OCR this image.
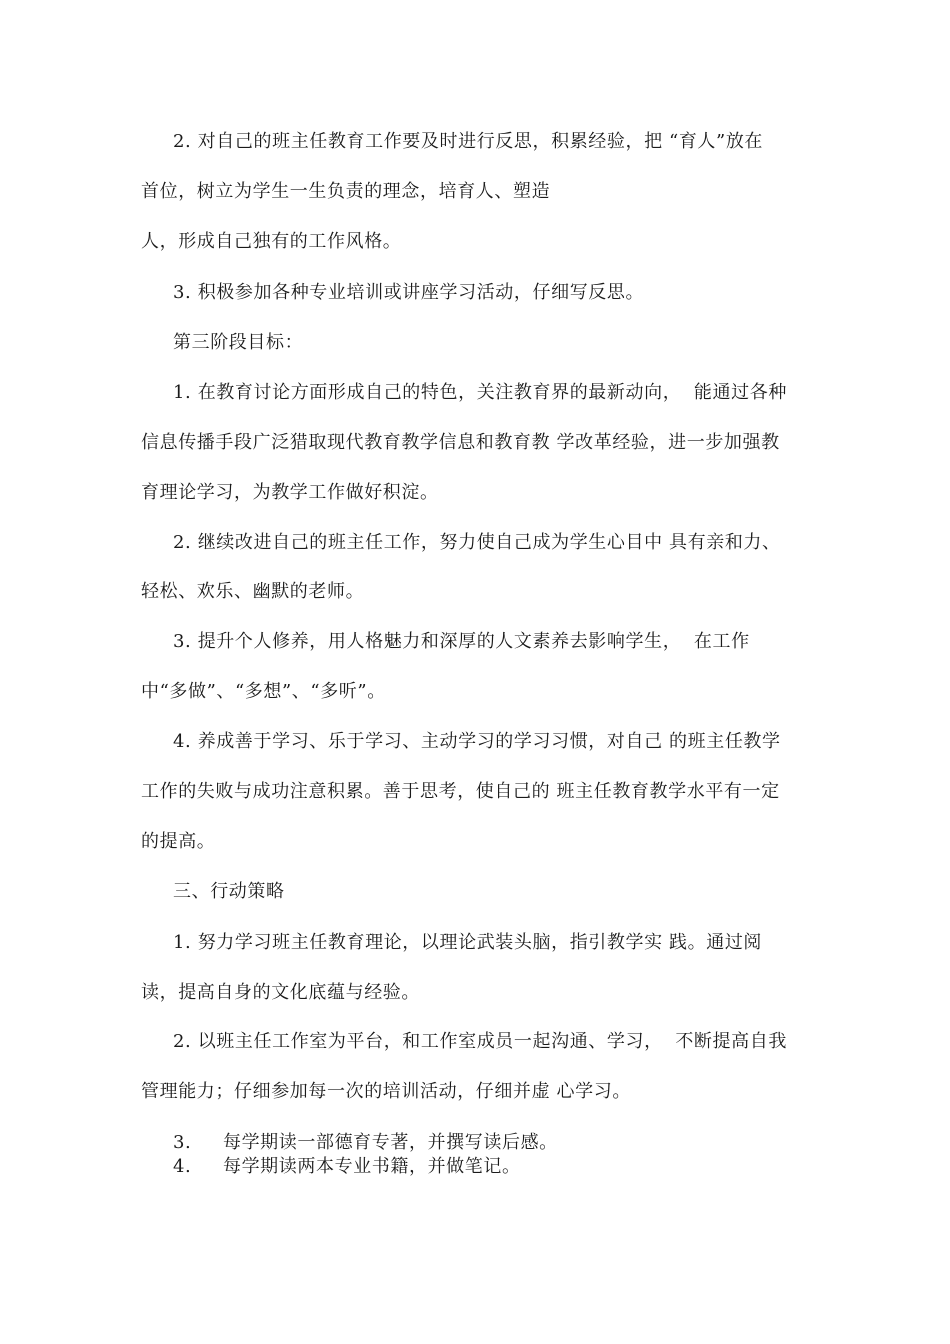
2. 对自己的班主任教育工作要及时进行反思，积累经验，把 “育人”放在
首位，树立为学生一生负责的理念，培育人、塑造
人，形成自己独有的工作风格。
3. 积极参加各种专业培训或讲座学习活动，仔细写反思。
第三阶段目标：
1. 在教育讨论方面形成自己的特色，关注教育界的最新动向，  能通过各种
信息传播手段广泛猎取现代教育教学信息和教育教 学改革经验，进一步加强教
育理论学习，为教学工作做好积淀。
2. 继续改进自己的班主任工作，努力使自己成为学生心目中 具有亲和力、
轻松、欢乐、幽默的老师。
3. 提升个人修养，用人格魅力和深厚的人文素养去影响学生，  在工作
中“多做”、“多想”、“多听”。
4. 养成善于学习、乐于学习、主动学习的学习习惯，对自己 的班主任教学
工作的失败与成功注意积累。善于思考，使自己的 班主任教育教学水平有一定
的提高。
三、行动策略
1. 努力学习班主任教育理论，以理论武装头脑，指引教学实 践。通过阅
读，提高自身的文化底蕴与经验。
2. 以班主任工作室为平台，和工作室成员一起沟通、学习，  不断提高自我
管理能力；仔细参加每一次的培训活动，仔细并虚 心学习。
3.     每学期读一部德育专著，并撰写读后感。
4.     每学期读两本专业书籍，并做笔记。
